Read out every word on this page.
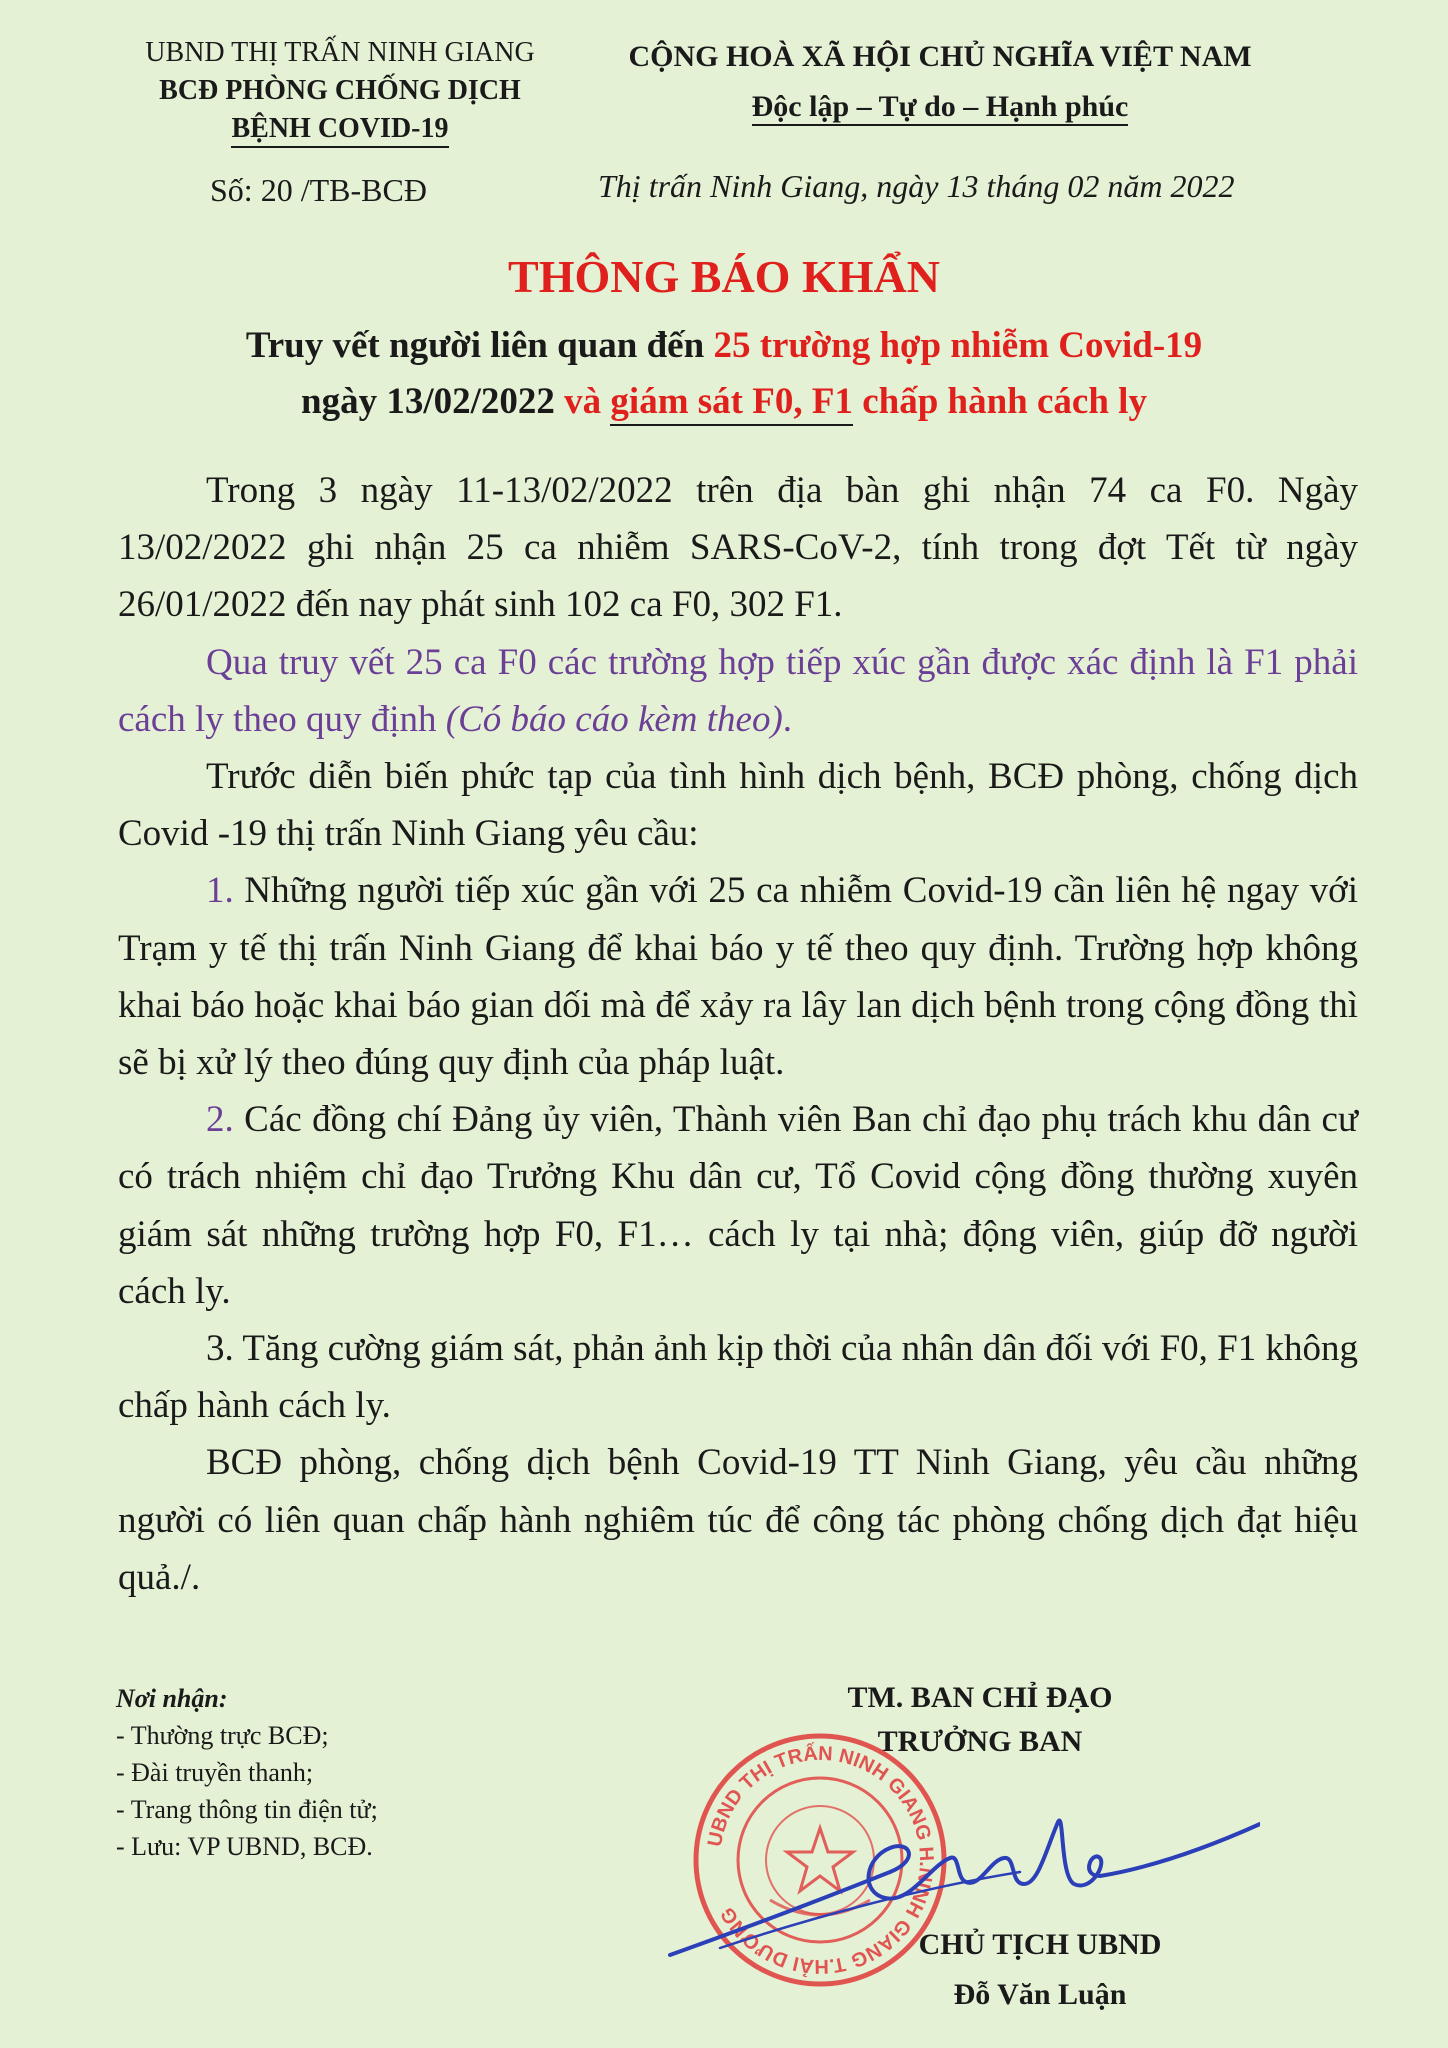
UBND THỊ TRẤN NINH GIANG
BCĐ PHÒNG CHỐNG DỊCH
BỆNH COVID-19
CỘNG HOÀ XÃ HỘI CHỦ NGHĨA VIỆT NAM
Độc lập – Tự do – Hạnh phúc
Số: 20 /TB-BCĐ	Thị trấn Ninh Giang, ngày 13 tháng 02 năm 2022
THÔNG BÁO KHẨN
Truy vết người liên quan đến 25 trường hợp nhiễm Covid-19
ngày 13/02/2022 và giám sát F0, F1 chấp hành cách ly

Trong 3 ngày 11-13/02/2022 trên địa bàn ghi nhận 74 ca F0. Ngày 13/02/2022 ghi nhận 25 ca nhiễm SARS-CoV-2, tính trong đợt Tết từ ngày 26/01/2022 đến nay phát sinh 102 ca F0, 302 F1.

Qua truy vết 25 ca F0 các trường hợp tiếp xúc gần được xác định là F1 phải cách ly theo quy định (Có báo cáo kèm theo).

Trước diễn biến phức tạp của tình hình dịch bệnh, BCĐ phòng, chống dịch Covid -19 thị trấn Ninh Giang yêu cầu:

1. Những người tiếp xúc gần với 25 ca nhiễm Covid-19 cần liên hệ ngay với Trạm y tế thị trấn Ninh Giang để khai báo y tế theo quy định. Trường hợp không khai báo hoặc khai báo gian dối mà để xảy ra lây lan dịch bệnh trong cộng đồng thì sẽ bị xử lý theo đúng quy định của pháp luật.

2. Các đồng chí Đảng ủy viên, Thành viên Ban chỉ đạo phụ trách khu dân cư có trách nhiệm chỉ đạo Trưởng Khu dân cư, Tổ Covid cộng đồng thường xuyên giám sát những trường hợp F0, F1… cách ly tại nhà; động viên, giúp đỡ người cách ly.

3. Tăng cường giám sát, phản ảnh kịp thời của nhân dân đối với F0, F1 không chấp hành cách ly.

BCĐ phòng, chống dịch bệnh Covid-19 TT Ninh Giang, yêu cầu những người có liên quan chấp hành nghiêm túc để công tác phòng chống dịch đạt hiệu quả./.

Nơi nhận:
- Thường trực BCĐ;
- Đài truyền thanh;
- Trang thông tin điện tử;
- Lưu: VP UBND, BCĐ.
TM. BAN CHỈ ĐẠO
TRƯỞNG BAN
UBND THỊ TRẤN NINH GIANG H.NINH GIANG T.HẢI DƯƠNG
CHỦ TỊCH UBND
Đỗ Văn Luận
